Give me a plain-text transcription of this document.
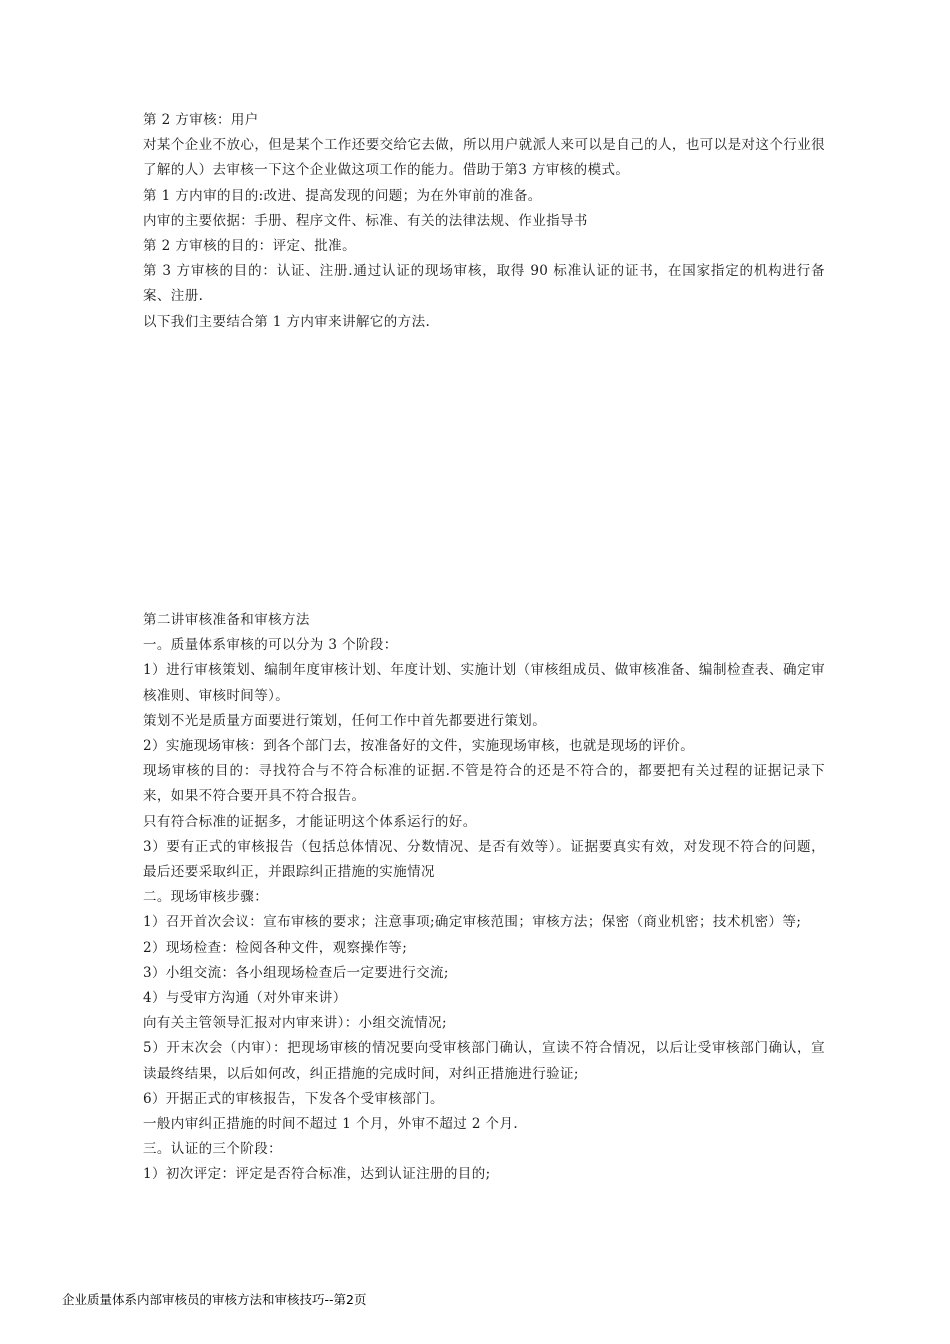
第 2 方审核：用户

对某个企业不放心，但是某个工作还要交给它去做，所以用户就派人来可以是自己的人，也可以是对这个行业很了解的人）去审核一下这个企业做这项工作的能力。借助于第3 方审核的模式。

第 1 方内审的目的:改进、提高发现的问题；为在外审前的准备。

内审的主要依据：手册、程序文件、标准、有关的法律法规、作业指导书

第 2 方审核的目的：评定、批准。

第 3 方审核的目的：认证、注册.通过认证的现场审核，取得 90 标准认证的证书，在国家指定的机构进行备案、注册.

以下我们主要结合第 1 方内审来讲解它的方法.

第二讲审核准备和审核方法

一。质量体系审核的可以分为 3 个阶段：

1）进行审核策划、编制年度审核计划、年度计划、实施计划（审核组成员、做审核准备、编制检查表、确定审核准则、审核时间等）。

策划不光是质量方面要进行策划，任何工作中首先都要进行策划。

2）实施现场审核：到各个部门去，按准备好的文件，实施现场审核，也就是现场的评价。

现场审核的目的：寻找符合与不符合标准的证据.不管是符合的还是不符合的，都要把有关过程的证据记录下来，如果不符合要开具不符合报告。

只有符合标准的证据多，才能证明这个体系运行的好。

3）要有正式的审核报告（包括总体情况、分数情况、是否有效等）。证据要真实有效，对发现不符合的问题，最后还要采取纠正，并跟踪纠正措施的实施情况

二。现场审核步骤：

1）召开首次会议：宣布审核的要求；注意事项;确定审核范围；审核方法；保密（商业机密；技术机密）等;

2）现场检查：检阅各种文件，观察操作等;

3）小组交流：各小组现场检查后一定要进行交流;

4）与受审方沟通（对外审来讲）

向有关主管领导汇报对内审来讲）：小组交流情况;

5）开末次会（内审）：把现场审核的情况要向受审核部门确认，宣读不符合情况，以后让受审核部门确认，宣读最终结果，以后如何改，纠正措施的完成时间，对纠正措施进行验证;

6）开据正式的审核报告，下发各个受审核部门。

一般内审纠正措施的时间不超过 1 个月，外审不超过 2 个月.

三。认证的三个阶段：

1）初次评定：评定是否符合标准，达到认证注册的目的;

企业质量体系内部审核员的审核方法和审核技巧--第2页
